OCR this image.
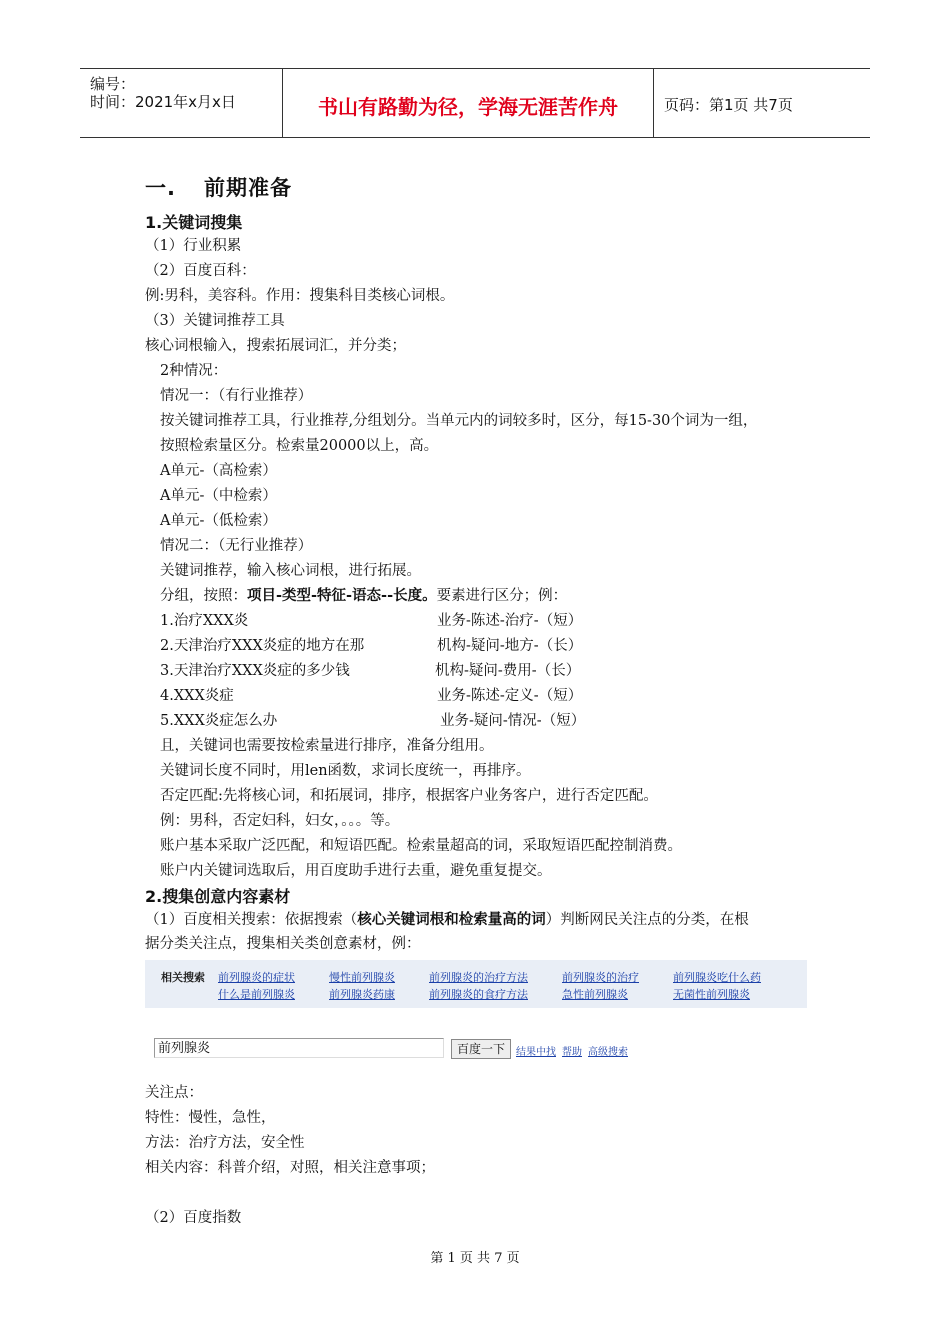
编号：
时间：2021年x月x日	书山有路勤为径，学海无涯苦作舟	页码：第1页 共7页
一. 前期准备
1.关键词搜集
（1）行业积累
（2）百度百科：
例:男科，美容科。作用：搜集科目类核心词根。
（3）关键词推荐工具
核心词根输入，搜索拓展词汇，并分类；
2种情况：
情况一：（有行业推荐）
按关键词推荐工具，行业推荐,分组划分。当单元内的词较多时，区分，每15-30个词为一组，
按照检索量区分。检索量20000以上，高。
A单元-（高检索）
A单元-（中检索）
A单元-（低检索）
情况二：（无行业推荐）
关键词推荐，输入核心词根，进行拓展。
分组，按照：项目-类型-特征-语态--长度。要素进行区分；例：
1.治疗XXX炎	业务-陈述-治疗-（短）
2.天津治疗XXX炎症的地方在那	机构-疑问-地方-（长）
3.天津治疗XXX炎症的多少钱	机构-疑问-费用-（长）
4.XXX炎症	业务-陈述-定义-（短）
5.XXX炎症怎么办	业务-疑问-情况-（短）
且，关键词也需要按检索量进行排序，准备分组用。
关键词长度不同时，用len函数，求词长度统一，再排序。
否定匹配:先将核心词，和拓展词，排序，根据客户业务客户，进行否定匹配。
例：男科，否定妇科，妇女，。。。等。
账户基本采取广泛匹配，和短语匹配。检索量超高的词，采取短语匹配控制消费。
账户内关键词选取后，用百度助手进行去重，避免重复提交。
2.搜集创意内容素材
（1）百度相关搜索：依据搜索（核心关键词根和检索量高的词）判断网民关注点的分类，在根
据分类关注点，搜集相关类创意素材，例：
相关搜索 前列腺炎的症状	慢性前列腺炎	前列腺炎的治疗方法	前列腺炎的治疗	前列腺炎吃什么药
什么是前列腺炎	前列腺炎药康	前列腺炎的食疗方法	急性前列腺炎	无菌性前列腺炎
前列腺炎	百度一下	结果中找 帮助 高级搜索
关注点：
特性：慢性，急性，
方法：治疗方法，安全性
相关内容：科普介绍，对照，相关注意事项；
（2）百度指数
第 1 页 共 7 页
